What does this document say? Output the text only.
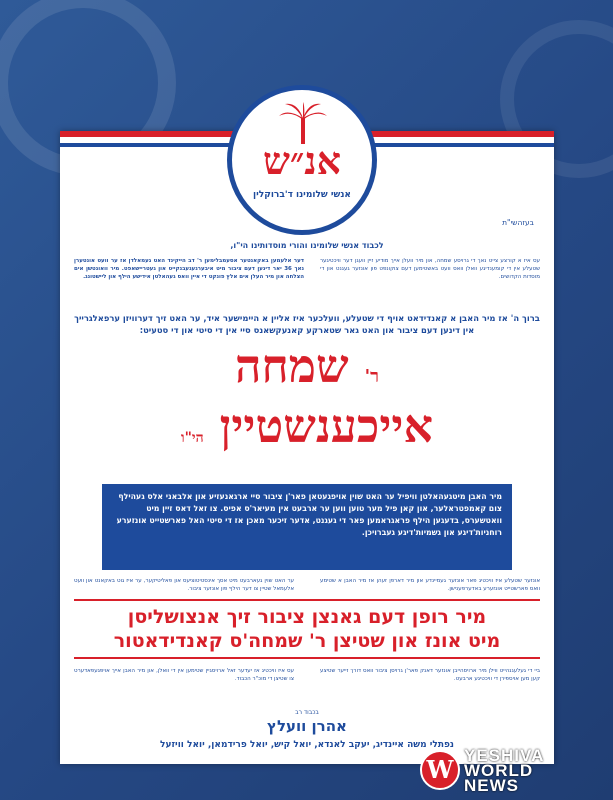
בעזהשי"ת
לכבוד אנשי שלומינו והורי מוסדותינו הי"ו,
עס איז א קורצע צייט נאך די גרויסע שמחה, און מיר וועלן אייך מודיע זיין וועגן דער וויכטיגער שטעלע אין די קומענדיגע וואלן וואס וועט באשטימען דעם צוקונפט פון אונזער געגנט און די מוסדות הקדושים.
דער אלעמען באקאנטער אסעמבלימען ר' דב הייקינד האט געמאלדן אז ער וועט אונטערן נאך 36 יאר דינען דעם ציבור מיט איבערגעגעבנקייט און געטריישאפט. מיר וואונטשן אים הצלחה און מיר העלן אים אלץ פונקט די איין וואס געהאלטן אידישע הילף און ליישטונג.
ברוך ה' אז מיר האבן א קאנדידאט אויף די שטעלע, וועלכער איז אליין א היימישער איד, ער האט זיך דערוויזן ערפאלגרייך אין דינען דעם ציבור און האט גאר שטארקע קאנעקשאנס סיי אין די סיטי און די סטעיט:
ר' שמחה
אייכענשטיין הי"ו
מיר האבן מיטגעהאלטן וויפיל ער האט שוין אויפגעטאן פאר'ן ציבור סיי ארגאנעזיע און אלבאני אלס געהילף צום קאמפטראלער, און קאן פיל מער טוען ווען ער ארבעט אין מעיאר'ס אפיס. צו זאל דאס זיין מיט וואטשערס, בדעגען הילף פראגראמען פאר די געגנט, אדער זיכער מאכן אז די סיטי האל פארשטייט אונזערע רוחניות'דיגע און גשמיות'דיגע געברויכן.
אונזער שטעלע איז וויכטיג פאר אונזער געמיינדע און מיר דארפן זעהן אז מיר האבן א שטימע וואס פארשטייט אונזערע באדערפענישן.
ער האט שוין געארבעט מיט אסך אינסטיטוציעס און פאליטיקער, ער איז גוט באקאנט און וועט אלעמאל שטיין צו דער הילף פון אונזער ציבור.
מיר רופן דעם גאנצן ציבור זיך אנצושליסן
מיט אונז און שטיצן ר' שמחה'ס קאנדידאטור
ביי די געלעגנהייט ווילן מיר ארויסהייבן אונזער דאנק פאר'ן גרויסן ציבור וואס דורך זייער שטיצע קען מען אויספירן די וויכטיגע ארבעט.
עס איז וויכטיג אז יעדער זאל ארויסגיין שטימען אין די וואלן, און מיר האבן אייך אויפגעפאדערט צו שטיצן די מוכ"ר הכבוד.
בכבוד רב
אהרן וועלץ
נפתלי משה איינדיג, יעקב לאנדא, יואל קיש, יואל פרידמאן, יואל וויזעל
אנ״ש
אנשי שלומינו ד'ברוקלין
W YESHIVA
WORLD
NEWS
